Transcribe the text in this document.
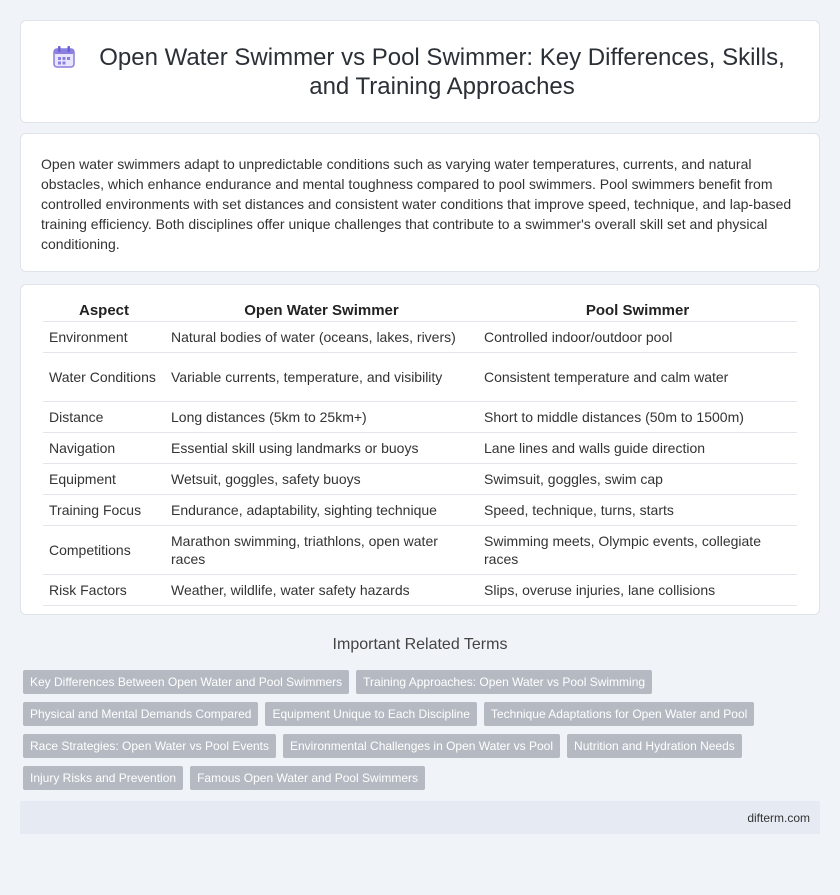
Open Water Swimmer vs Pool Swimmer: Key Differences, Skills, and Training Approaches

Open water swimmers adapt to unpredictable conditions such as varying water temperatures, currents, and natural obstacles, which enhance endurance and mental toughness compared to pool swimmers. Pool swimmers benefit from controlled environments with set distances and consistent water conditions that improve speed, technique, and lap-based training efficiency. Both disciplines offer unique challenges that contribute to a swimmer's overall skill set and physical conditioning.

Aspect	Open Water Swimmer	Pool Swimmer
Environment	Natural bodies of water (oceans, lakes, rivers)	Controlled indoor/outdoor pool
Water Conditions	Variable currents, temperature, and visibility	Consistent temperature and calm water
Distance	Long distances (5km to 25km+)	Short to middle distances (50m to 1500m)
Navigation	Essential skill using landmarks or buoys	Lane lines and walls guide direction
Equipment	Wetsuit, goggles, safety buoys	Swimsuit, goggles, swim cap
Training Focus	Endurance, adaptability, sighting technique	Speed, technique, turns, starts
Competitions	Marathon swimming, triathlons, open water races	Swimming meets, Olympic events, collegiate races
Risk Factors	Weather, wildlife, water safety hazards	Slips, overuse injuries, lane collisions
Important Related Terms
Key Differences Between Open Water and Pool Swimmers	Training Approaches: Open Water vs Pool Swimming
Physical and Mental Demands Compared	Equipment Unique to Each Discipline	Technique Adaptations for Open Water and Pool
Race Strategies: Open Water vs Pool Events	Environmental Challenges in Open Water vs Pool	Nutrition and Hydration Needs
Injury Risks and Prevention	Famous Open Water and Pool Swimmers
difterm.com
